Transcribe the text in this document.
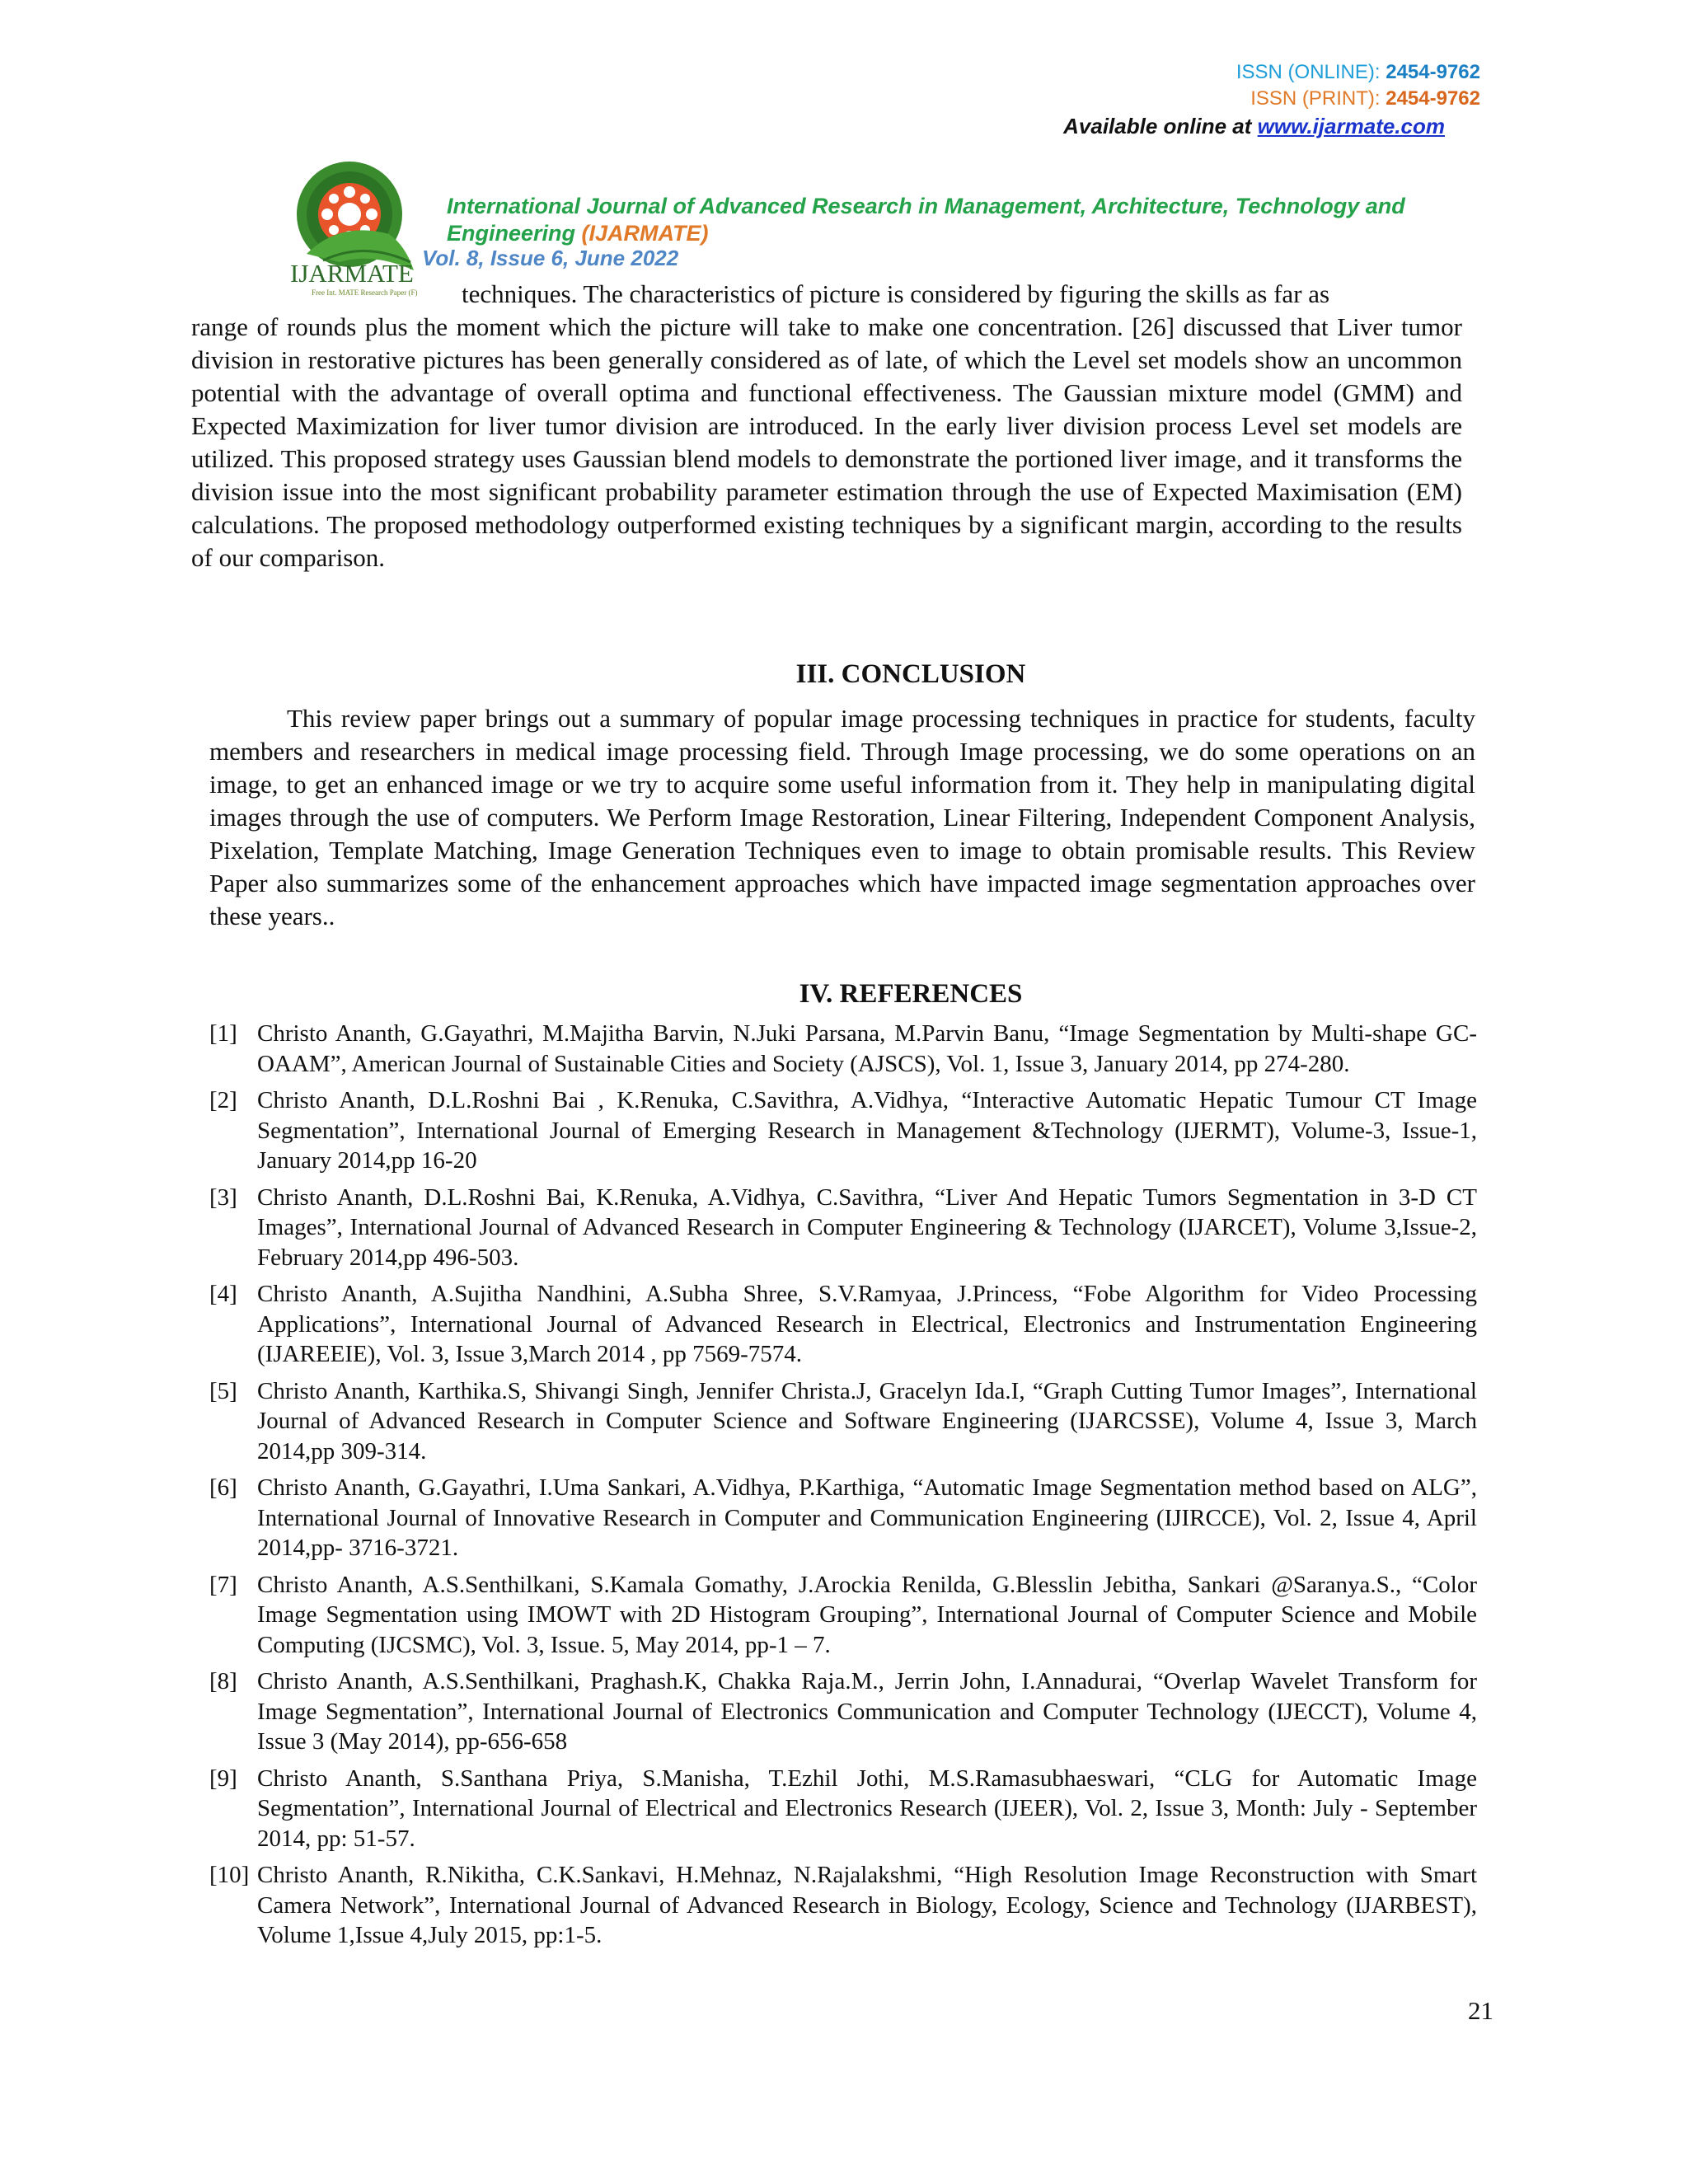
ISSN (ONLINE): 2454-9762
ISSN (PRINT): 2454-9762
Available online at www.ijarmate.com
IJARMATE
Free Int. MATE Research Paper (F)
International Journal of Advanced Research in Management, Architecture, Technology and Engineering (IJARMATE)
Vol. 8, Issue 6, June 2022
techniques. The characteristics of picture is considered by figuring the skills as far as
range of rounds plus the moment which the picture will take to make one concentration. [26] discussed that Liver tumor division in restorative pictures has been generally considered as of late, of which the Level set models show an uncommon potential with the advantage of overall optima and functional effectiveness. The Gaussian mixture model (GMM) and Expected Maximization for liver tumor division are introduced. In the early liver division process Level set models are utilized. This proposed strategy uses Gaussian blend models to demonstrate the portioned liver image, and it transforms the division issue into the most significant probability parameter estimation through the use of Expected Maximisation (EM) calculations. The proposed methodology outperformed existing techniques by a significant margin, according to the results of our comparison.
III. CONCLUSION
This review paper brings out a summary of popular image processing techniques in practice for students, faculty members and researchers in medical image processing field. Through Image processing, we do some operations on an image, to get an enhanced image or we try to acquire some useful information from it. They help in manipulating digital images through the use of computers. We Perform Image Restoration, Linear Filtering, Independent Component Analysis, Pixelation, Template Matching, Image Generation Techniques even to image to obtain promisable results. This Review Paper also summarizes some of the enhancement approaches which have impacted image segmentation approaches over these years..
IV. REFERENCES
[1] Christo Ananth, G.Gayathri, M.Majitha Barvin, N.Juki Parsana, M.Parvin Banu, “Image Segmentation by Multi-shape GC-OAAM”, American Journal of Sustainable Cities and Society (AJSCS), Vol. 1, Issue 3, January 2014, pp 274-280.
[2] Christo Ananth, D.L.Roshni Bai , K.Renuka, C.Savithra, A.Vidhya, “Interactive Automatic Hepatic Tumour CT Image Segmentation”, International Journal of Emerging Research in Management &Technology (IJERMT), Volume-3, Issue-1, January 2014,pp 16-20
[3] Christo Ananth, D.L.Roshni Bai, K.Renuka, A.Vidhya, C.Savithra, “Liver And Hepatic Tumors Segmentation in 3-D CT Images”, International Journal of Advanced Research in Computer Engineering & Technology (IJARCET), Volume 3,Issue-2, February 2014,pp 496-503.
[4] Christo Ananth, A.Sujitha Nandhini, A.Subha Shree, S.V.Ramyaa, J.Princess, “Fobe Algorithm for Video Processing Applications”, International Journal of Advanced Research in Electrical, Electronics and Instrumentation Engineering (IJAREEIE), Vol. 3, Issue 3,March 2014 , pp 7569-7574.
[5] Christo Ananth, Karthika.S, Shivangi Singh, Jennifer Christa.J, Gracelyn Ida.I, “Graph Cutting Tumor Images”, International Journal of Advanced Research in Computer Science and Software Engineering (IJARCSSE), Volume 4, Issue 3, March 2014,pp 309-314.
[6] Christo Ananth, G.Gayathri, I.Uma Sankari, A.Vidhya, P.Karthiga, “Automatic Image Segmentation method based on ALG”, International Journal of Innovative Research in Computer and Communication Engineering (IJIRCCE), Vol. 2, Issue 4, April 2014,pp- 3716-3721.
[7] Christo Ananth, A.S.Senthilkani, S.Kamala Gomathy, J.Arockia Renilda, G.Blesslin Jebitha, Sankari @Saranya.S., “Color Image Segmentation using IMOWT with 2D Histogram Grouping”, International Journal of Computer Science and Mobile Computing (IJCSMC), Vol. 3, Issue. 5, May 2014, pp-1 – 7.
[8] Christo Ananth, A.S.Senthilkani, Praghash.K, Chakka Raja.M., Jerrin John, I.Annadurai, “Overlap Wavelet Transform for Image Segmentation”, International Journal of Electronics Communication and Computer Technology (IJECCT), Volume 4, Issue 3 (May 2014), pp-656-658
[9] Christo Ananth, S.Santhana Priya, S.Manisha, T.Ezhil Jothi, M.S.Ramasubhaeswari, “CLG for Automatic Image Segmentation”, International Journal of Electrical and Electronics Research (IJEER), Vol. 2, Issue 3, Month: July - September 2014, pp: 51-57.
[10] Christo Ananth, R.Nikitha, C.K.Sankavi, H.Mehnaz, N.Rajalakshmi, “High Resolution Image Reconstruction with Smart Camera Network”, International Journal of Advanced Research in Biology, Ecology, Science and Technology (IJARBEST), Volume 1,Issue 4,July 2015, pp:1-5.
21
